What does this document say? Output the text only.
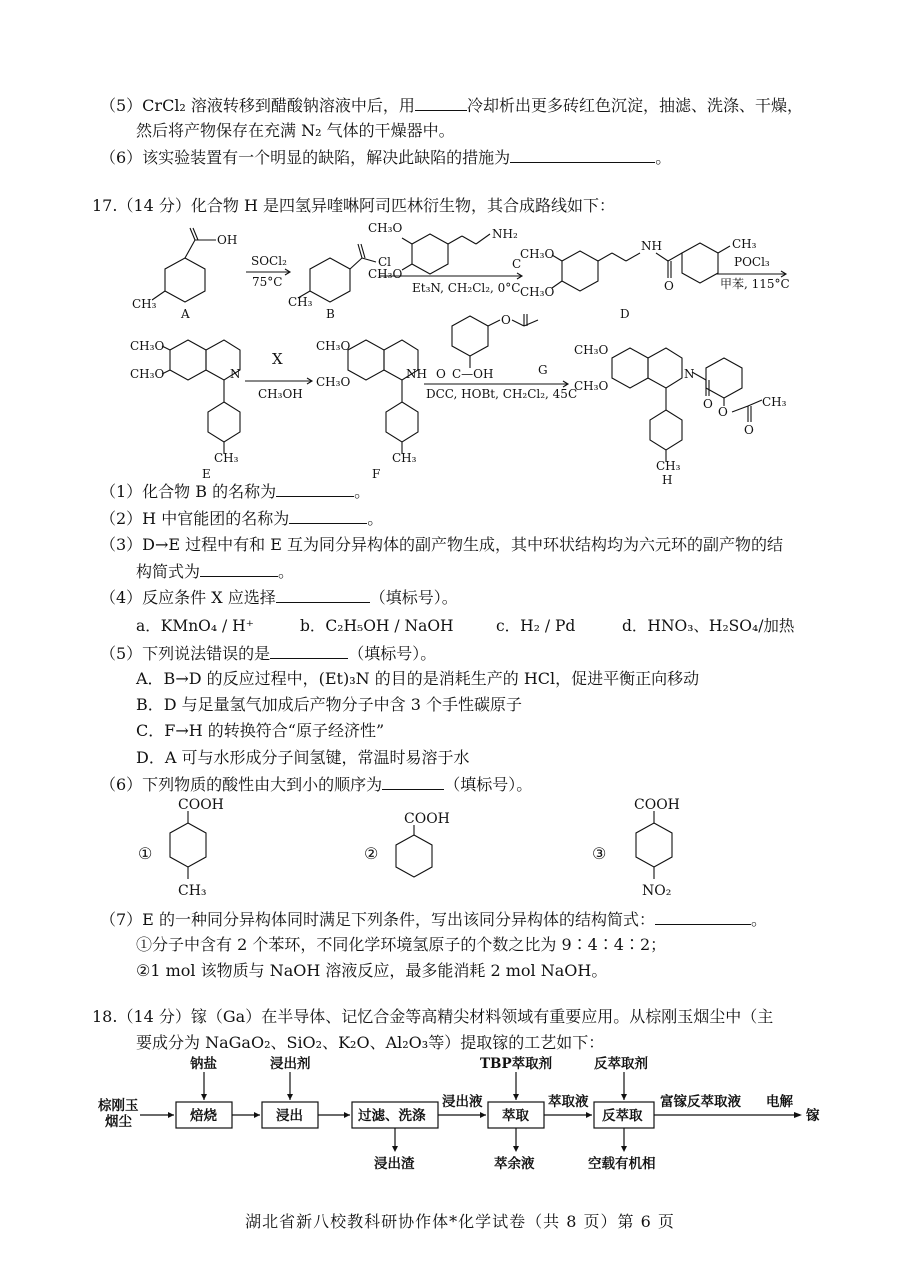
（5）CrCl₂ 溶液转移到醋酸钠溶液中后，用	冷却析出更多砖红色沉淀，抽滤、洗涤、干燥，
然后将产物保存在充满 N₂ 气体的干燥器中。
（6）该实验装置有一个明显的缺陷，解决此缺陷的措施为	。
17.（14 分）化合物 H 是四氢异喹啉阿司匹林衍生物，其合成路线如下：
OH
CH₃
A
SOCl₂
75°C
Cl
CH₃
B
CH₃O
CH₃O
NH₂
C
Et₃N, CH₂Cl₂, 0°C
CH₃O
CH₃O
NH
O
CH₃
D
POCl₃
甲苯, 115°C
CH₃O
CH₃O	N
CH₃
E
X
CH₃OH
CH₃O
CH₃O
NH
CH₃
F
O
O C—OH	G
DCC, HOBt, CH₂Cl₂, 45C
CH₃O
CH₃O
N
O
O
O
CH₃
CH₃
H
（1）化合物 B 的名称为	。
（2）H 中官能团的名称为	。
（3）D→E 过程中有和 E 互为同分异构体的副产物生成，其中环状结构均为六元环的副产物的结
构简式为	。
（4）反应条件 X 应选择	（填标号）。
a．KMnO₄ / H⁺	b．C₂H₅OH / NaOH	c．H₂ / Pd	d．HNO₃、H₂SO₄/加热
（5）下列说法错误的是	（填标号）。
A．B→D 的反应过程中，(Et)₃N 的目的是消耗生产的 HCl，促进平衡正向移动
B．D 与足量氢气加成后产物分子中含 3 个手性碳原子
C．F→H 的转换符合“原子经济性”
D．A 可与水形成分子间氢键，常温时易溶于水
（6）下列物质的酸性由大到小的顺序为	（填标号）。
COOH
①
CH₃
COOH
②
COOH
③
NO₂
（7）E 的一种同分异构体同时满足下列条件，写出该同分异构体的结构简式：	。
①分子中含有 2 个苯环，不同化学环境氢原子的个数之比为 9∶4∶4∶2；
②1 mol 该物质与 NaOH 溶液反应，最多能消耗 2 mol NaOH。
18.（14 分）镓（Ga）在半导体、记忆合金等高精尖材料领域有重要应用。从棕刚玉烟尘中（主
要成分为 NaGaO₂、SiO₂、K₂O、Al₂O₃等）提取镓的工艺如下：
棕刚玉
烟尘	焙烧	浸出	过滤、洗涤	萃取	反萃取
钠盐	浸出剂	TBP萃取剂	反萃取剂
浸出液	萃取液	富镓反萃取液 电解
镓
浸出渣	萃余液	空载有机相
湖北省新八校教科研协作体*化学试卷（共 8 页）第 6 页
